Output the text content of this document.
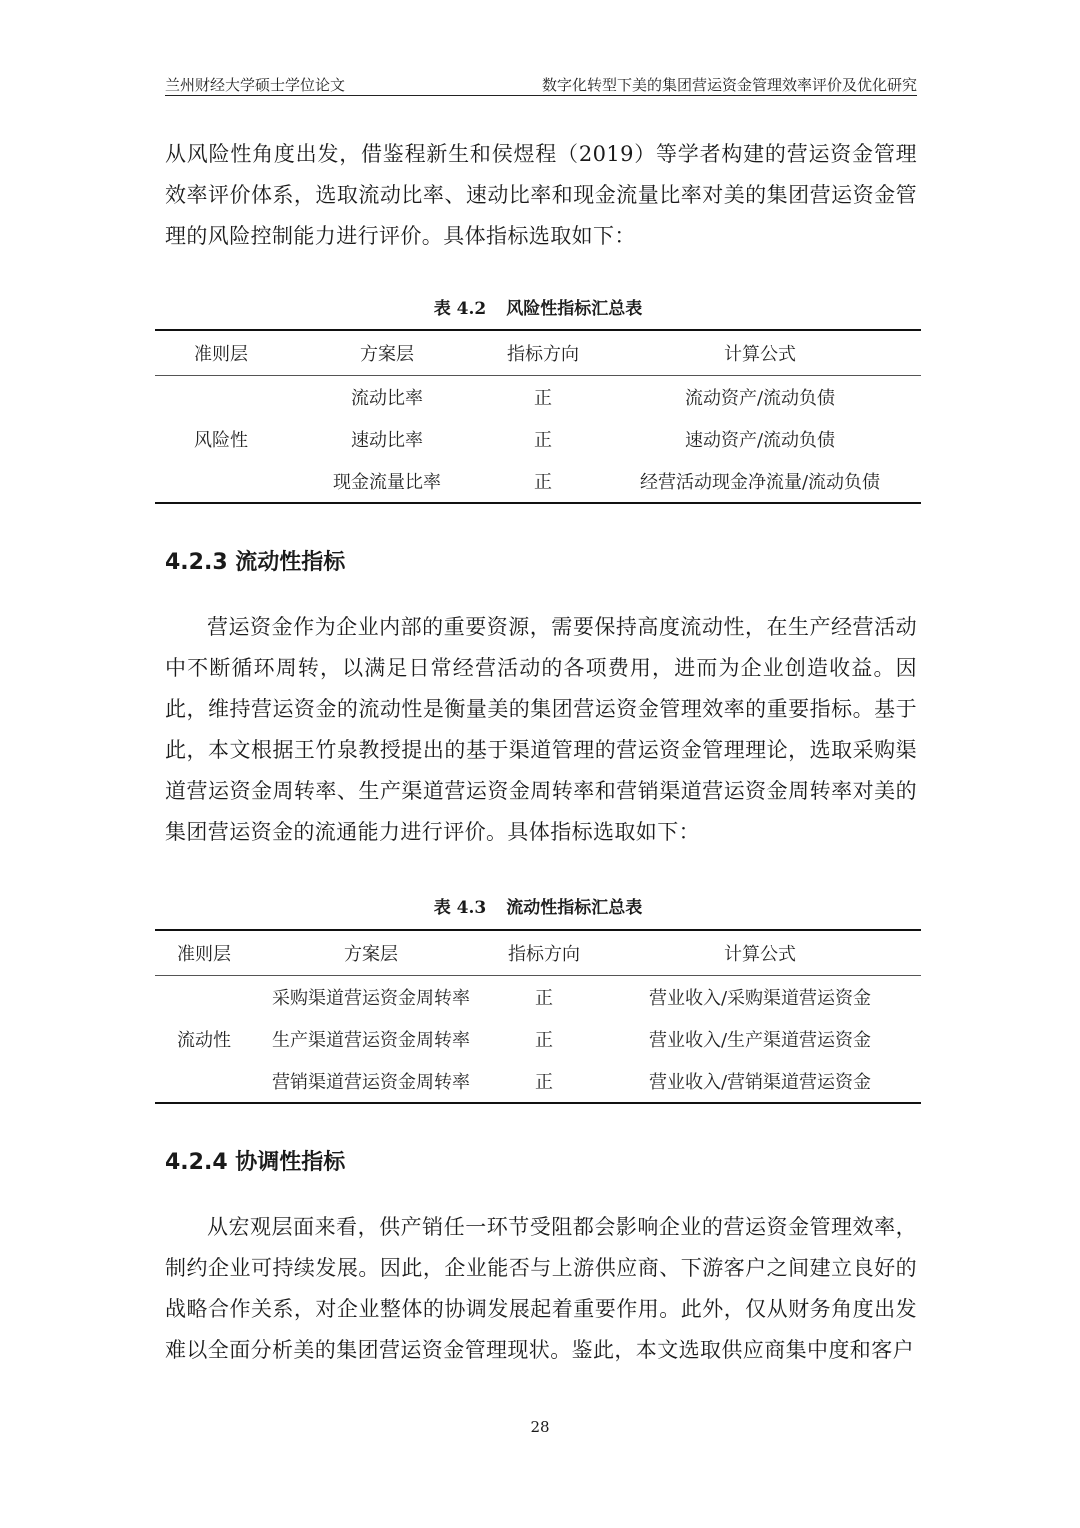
兰州财经大学硕士学位论文	数字化转型下美的集团营运资金管理效率评价及优化研究

从风险性角度出发，借鉴程新生和侯煜程（2019）等学者构建的营运资金管理效率评价体系，选取流动比率、速动比率和现金流量比率对美的集团营运资金管理的风险控制能力进行评价。具体指标选取如下：

表 4.2 风险性指标汇总表

准则层	方案层	指标方向	计算公式
风险性	流动比率	正	流动资产/流动负债
	速动比率	正	速动资产/流动负债
	现金流量比率	正	经营活动现金净流量/流动负债
4.2.3 流动性指标

营运资金作为企业内部的重要资源，需要保持高度流动性，在生产经营活动中不断循环周转，以满足日常经营活动的各项费用，进而为企业创造收益。因此，维持营运资金的流动性是衡量美的集团营运资金管理效率的重要指标。基于此，本文根据王竹泉教授提出的基于渠道管理的营运资金管理理论，选取采购渠道营运资金周转率、生产渠道营运资金周转率和营销渠道营运资金周转率对美的集团营运资金的流通能力进行评价。具体指标选取如下：

表 4.3 流动性指标汇总表

准则层	方案层	指标方向	计算公式
流动性	采购渠道营运资金周转率	正	营业收入/采购渠道营运资金
	生产渠道营运资金周转率	正	营业收入/生产渠道营运资金
	营销渠道营运资金周转率	正	营业收入/营销渠道营运资金
4.2.4 协调性指标

从宏观层面来看，供产销任一环节受阻都会影响企业的营运资金管理效率，制约企业可持续发展。因此，企业能否与上游供应商、下游客户之间建立良好的战略合作关系，对企业整体的协调发展起着重要作用。此外，仅从财务角度出发难以全面分析美的集团营运资金管理现状。鉴此，本文选取供应商集中度和客户

28
